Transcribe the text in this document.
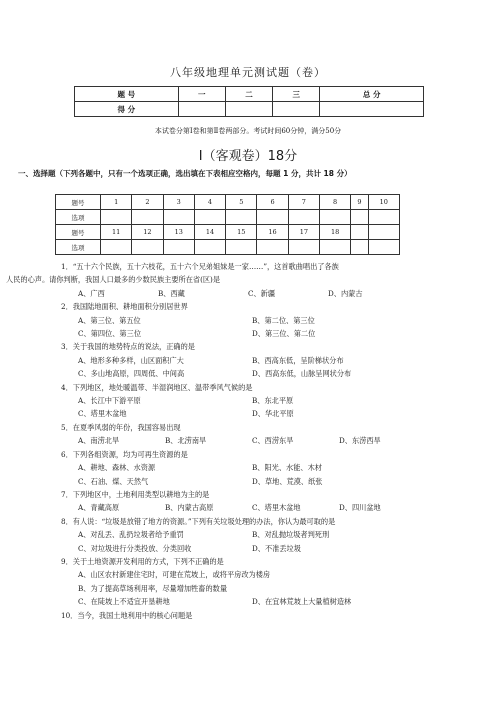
八年级地理单元测试题（卷）
题 号	一	二	三	总 分
得 分				
本试卷分第Ⅰ卷和第Ⅱ卷两部分。考试时间60分钟，满分50分
Ⅰ（客观卷）18分
一、选择题（下列各题中，只有一个选项正确，选出填在下表相应空格内，每题 1 分，共计 18 分）
题号	1	2	3	4	5	6	7	8	9	10
选项										
题号	11	12	13	14	15	16	17	18		
选项										

1．“五十六个民族，五十六枝花，五十六个兄弟姐妹是一家……”，这首歌曲唱出了各族

人民的心声。请你判断，我国人口最多的少数民族主要所在省(区)是

A、广西	B、西藏	C、新疆	D、内蒙古

2．我国陆地面积、耕地面积分别居世界

A、第三位、第五位	B、第二位、第三位

C、第四位、第三位	D、第三位、第二位

3．关于我国的地势特点的说法，正确的是

A、地形多种多样，山区面积广大	B、西高东低，呈阶梯状分布

C、多山地高原，四周低、中间高	D、西高东低，山脉呈网状分布

4．下列地区，地处暖温带、半湿润地区、温带季风气候的是

A、长江中下游平原	B、东北平原

C、塔里木盆地	D、华北平原

5．在夏季风弱的年份，我国容易出现

A、南涝北旱	B、北涝南旱	C、西涝东旱	D、东涝西旱

6．下列各组资源，均为可再生资源的是

A、耕地、森林、水资源	B、阳光、水能、木材

C、石油、煤、天然气	D、草地、荒漠、纸张

7．下列地区中，土地利用类型以耕地为主的是

A、青藏高原	B、内蒙古高原	C、塔里木盆地	D、四川盆地

8．有人说：“垃圾是放错了地方的资源。”下列有关垃圾处理的办法，你认为最可取的是

A、对乱丢、乱扔垃圾者给予重罚	B、对乱抛垃圾者判死刑

C、对垃圾进行分类投放、分类回收	D、不准丢垃圾

9．关于土地资源开发利用的方式，下列不正确的是

A、山区农村新建住宅时，可建在荒坡上，或将平房改为楼房

B、为了提高草场利用率，尽量增加牲畜的数量

C、在陡坡上不适宜开垦耕地	D、在宜林荒坡上大量植树造林

10．当今，我国土地利用中的核心问题是
